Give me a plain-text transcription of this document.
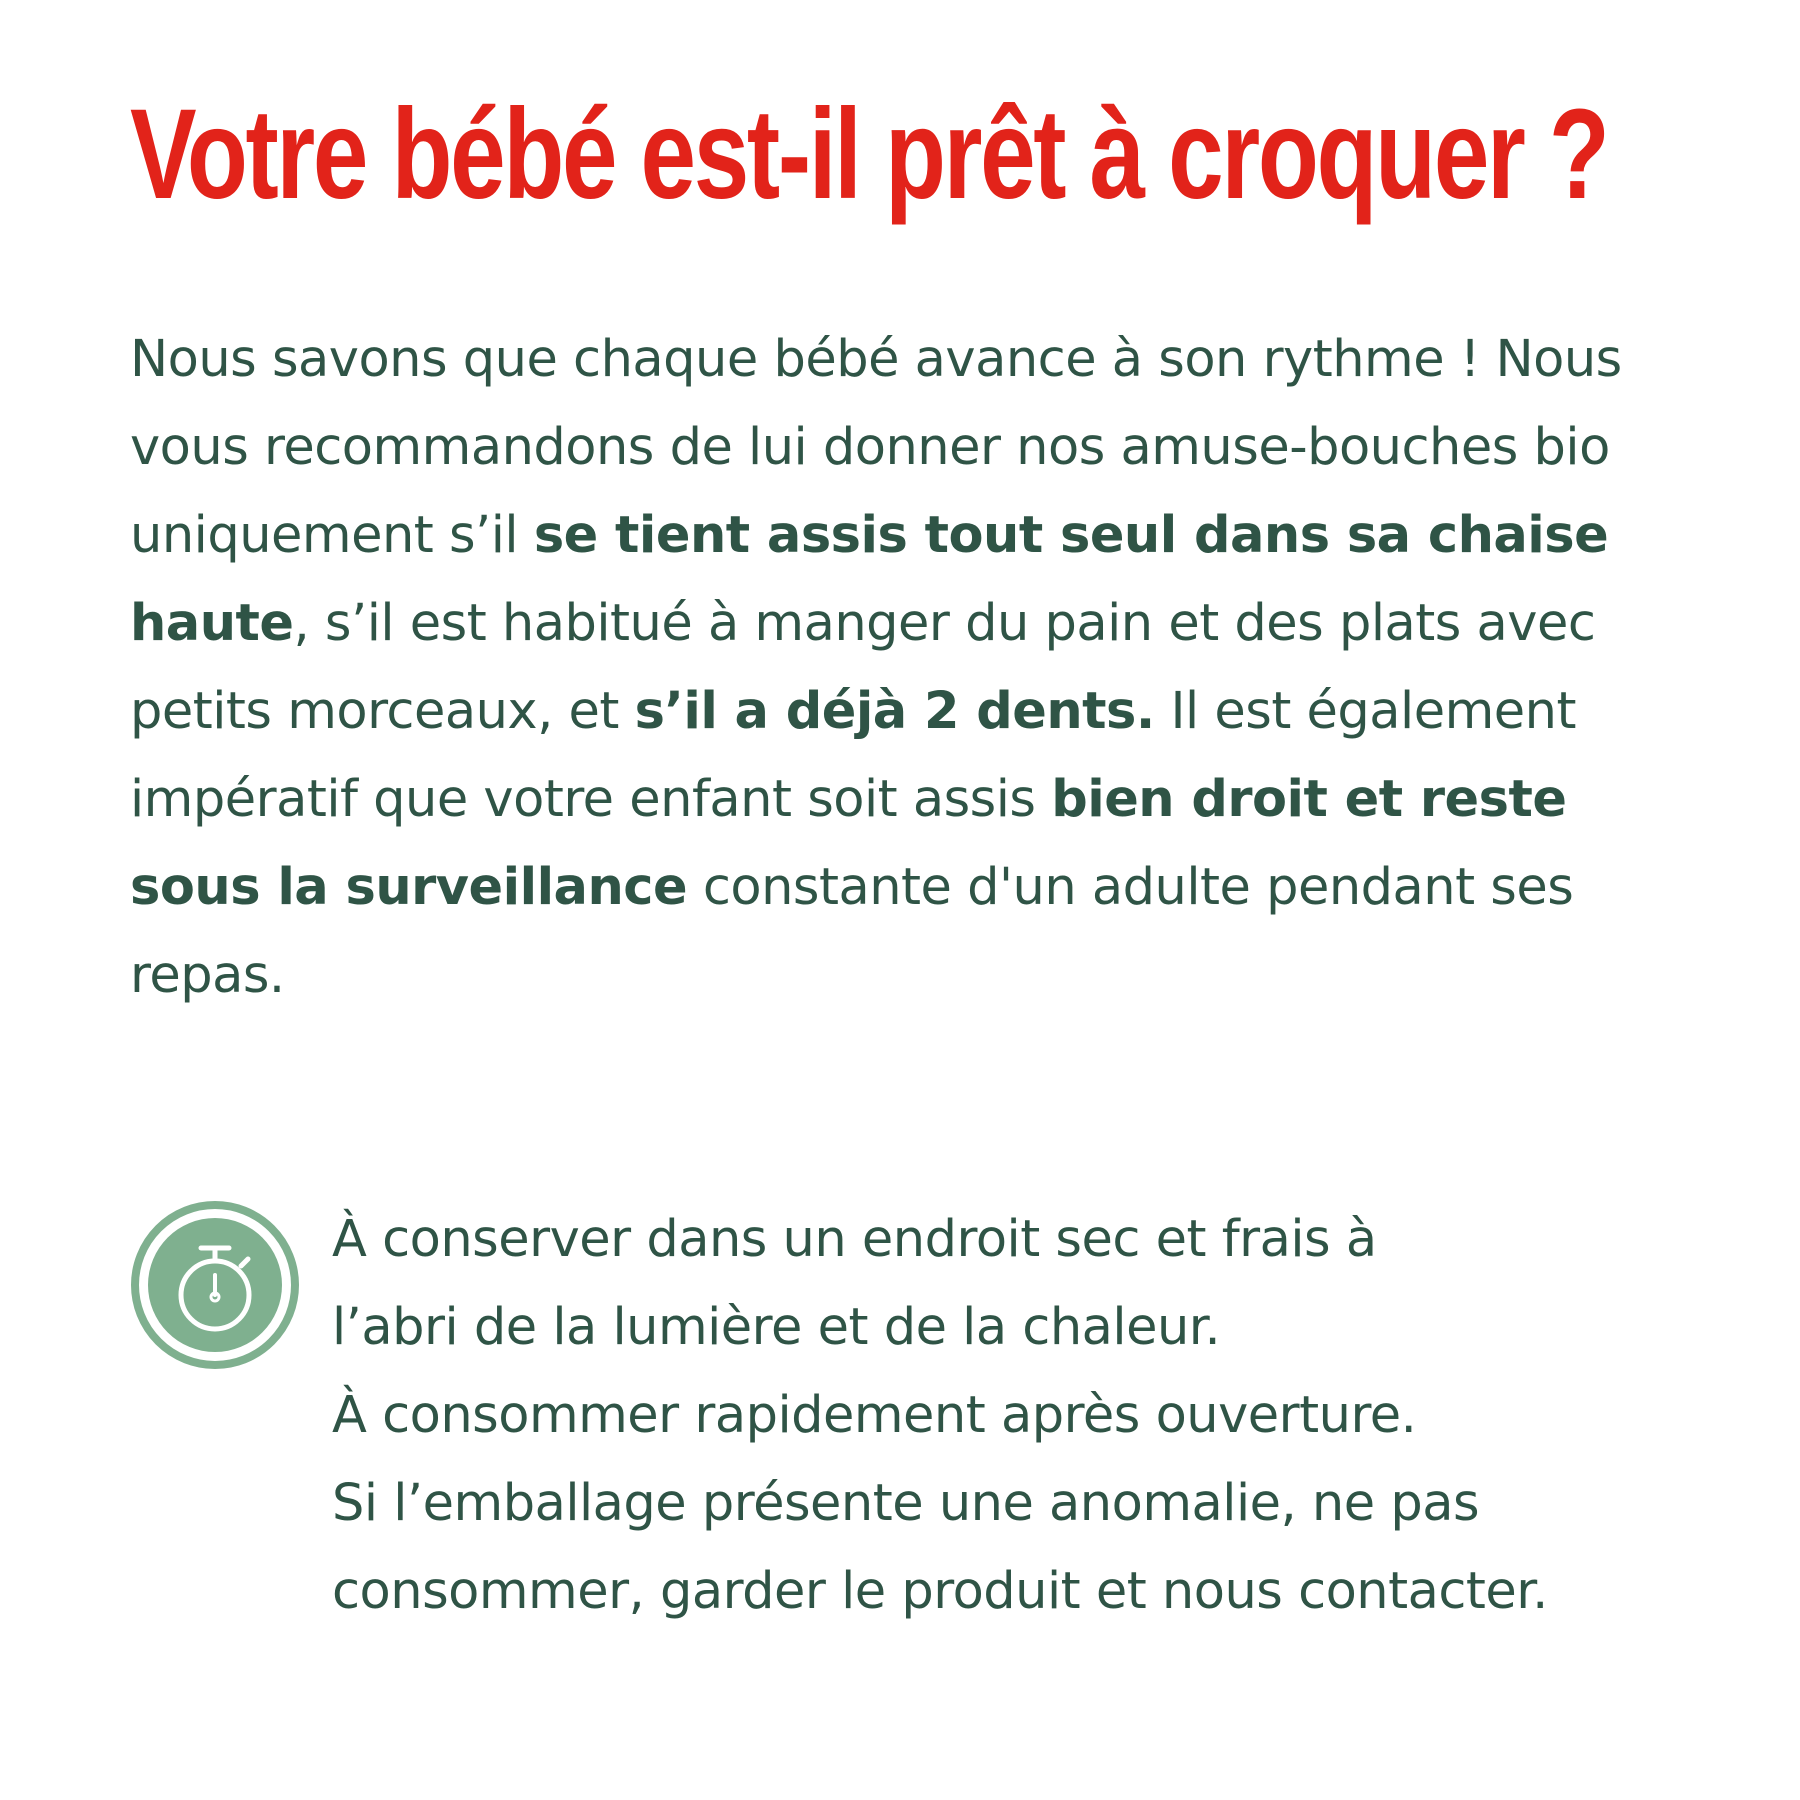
Votre bébé est-il prêt à croquer ?

Nous savons que chaque bébé avance à son rythme ! Nous vous recommandons de lui donner nos amuse-bouches bio uniquement s’il se tient assis tout seul dans sa chaise haute, s’il est habitué à manger du pain et des plats avec petits morceaux, et s’il a déjà 2 dents. Il est également impératif que votre enfant soit assis bien droit et reste sous la surveillance constante d'un adulte pendant ses repas.

À conserver dans un endroit sec et frais à
l’abri de la lumière et de la chaleur.
À consommer rapidement après ouverture.
Si l’emballage présente une anomalie, ne pas
consommer, garder le produit et nous contacter.
